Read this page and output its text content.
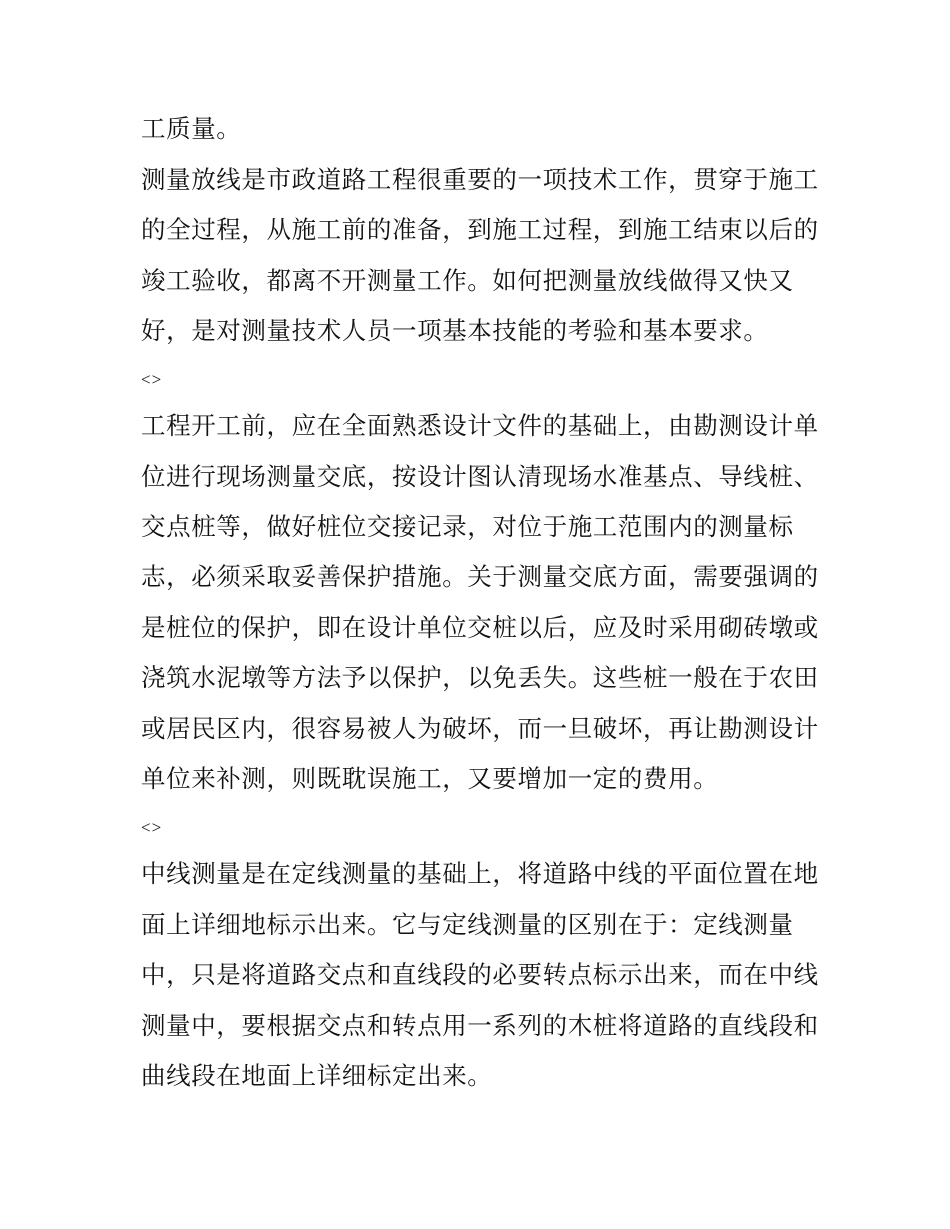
工质量。
测量放线是市政道路工程很重要的一项技术工作，贯穿于施工
的全过程，从施工前的准备，到施工过程，到施工结束以后的
竣工验收，都离不开测量工作。如何把测量放线做得又快又
好，是对测量技术人员一项基本技能的考验和基本要求。
<>
工程开工前，应在全面熟悉设计文件的基础上，由勘测设计单
位进行现场测量交底，按设计图认清现场水准基点、导线桩、
交点桩等，做好桩位交接记录，对位于施工范围内的测量标
志，必须采取妥善保护措施。关于测量交底方面，需要强调的
是桩位的保护，即在设计单位交桩以后，应及时采用砌砖墩或
浇筑水泥墩等方法予以保护，以免丢失。这些桩一般在于农田
或居民区内，很容易被人为破坏，而一旦破坏，再让勘测设计
单位来补测，则既耽误施工，又要增加一定的费用。
<>
中线测量是在定线测量的基础上，将道路中线的平面位置在地
面上详细地标示出来。它与定线测量的区别在于：定线测量
中，只是将道路交点和直线段的必要转点标示出来，而在中线
测量中，要根据交点和转点用一系列的木桩将道路的直线段和
曲线段在地面上详细标定出来。
